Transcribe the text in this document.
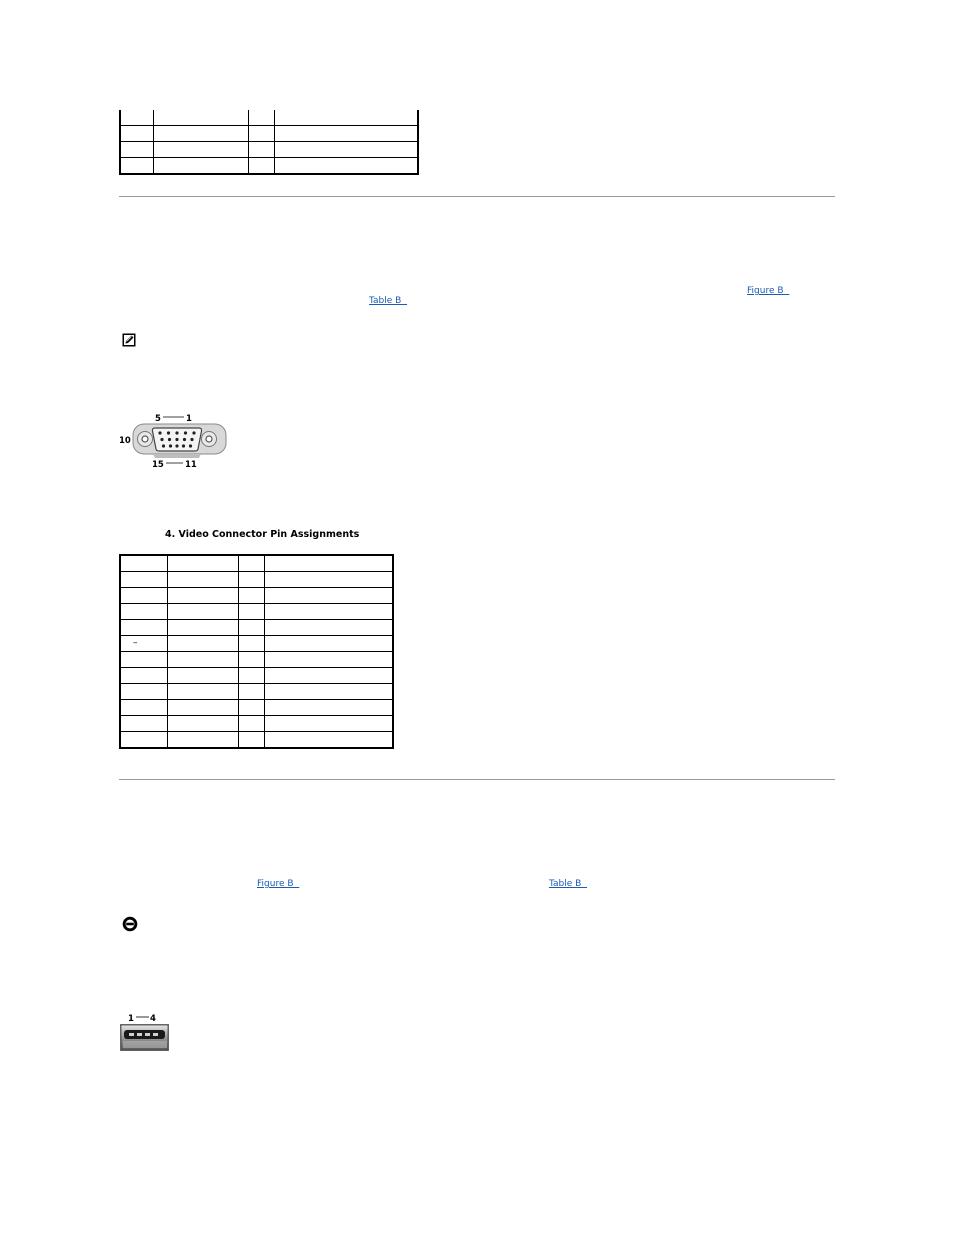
Figure B
Table B
5	1
10
15 11
4. Video Connector Pin Assignments

–			

Figure B	Table B
1 4
